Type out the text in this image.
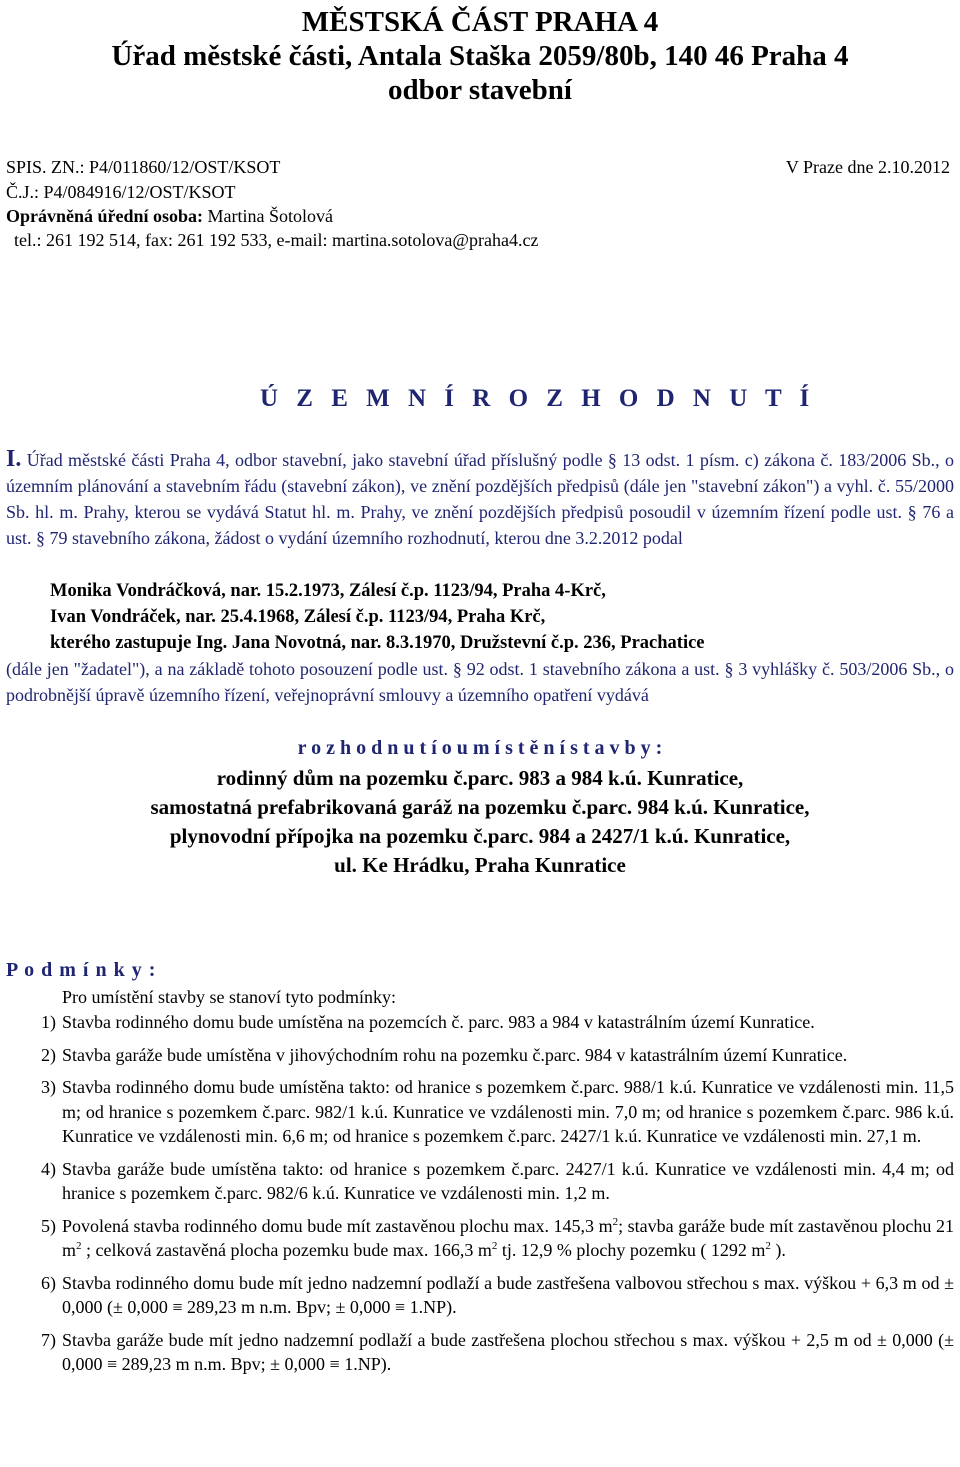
MĚSTSKÁ ČÁST PRAHA 4
Úřad městské části, Antala Staška 2059/80b, 140 46 Praha 4
odbor stavební
SPIS. ZN.: P4/011860/12/OST/KSOT	V Praze dne 2.10.2012
Č.J.: P4/084916/12/OST/KSOT
Oprávněná úřední osoba: Martina Šotolová
tel.: 261 192 514, fax: 261 192 533, e-mail: martina.sotolova@praha4.cz
Ú Z E M N Í R O Z H O D N U T Í
I. Úřad městské části Praha 4, odbor stavební, jako stavební úřad příslušný podle § 13 odst. 1 písm. c) zákona č. 183/2006 Sb., o územním plánování a stavebním řádu (stavební zákon), ve znění pozdějších předpisů (dále jen "stavební zákon") a vyhl. č. 55/2000 Sb. hl. m. Prahy, kterou se vydává Statut hl. m. Prahy, ve znění pozdějších předpisů posoudil v územním řízení podle ust. § 76 a ust. § 79 stavebního zákona, žádost o vydání územního rozhodnutí, kterou dne 3.2.2012 podal
Monika Vondráčková, nar. 15.2.1973, Zálesí č.p. 1123/94, Praha 4-Krč,
Ivan Vondráček, nar. 25.4.1968, Zálesí č.p. 1123/94, Praha Krč,
kterého zastupuje Ing. Jana Novotná, nar. 8.3.1970, Družstevní č.p. 236, Prachatice
(dále jen "žadatel"), a na základě tohoto posouzení podle ust. § 92 odst. 1 stavebního zákona a ust. § 3 vyhlášky č. 503/2006 Sb., o podrobnější úpravě územního řízení, veřejnoprávní smlouvy a územního opatření vydává
r o z h o d n u t í o u m í s t ě n í s t a v b y :
rodinný dům na pozemku č.parc. 983 a 984 k.ú. Kunratice,
samostatná prefabrikovaná garáž na pozemku č.parc. 984 k.ú. Kunratice,
plynovodní přípojka na pozemku č.parc. 984 a 2427/1 k.ú. Kunratice,
ul. Ke Hrádku, Praha Kunratice
P o d m í n k y :
Pro umístění stavby se stanoví tyto podmínky:
1) Stavba rodinného domu bude umístěna na pozemcích č. parc. 983 a 984 v katastrálním území Kunratice.
2) Stavba garáže bude umístěna v jihovýchodním rohu na pozemku č.parc. 984 v katastrálním území Kunratice.
3) Stavba rodinného domu bude umístěna takto: od hranice s pozemkem č.parc. 988/1 k.ú. Kunratice ve vzdálenosti min. 11,5 m; od hranice s pozemkem č.parc. 982/1 k.ú. Kunratice ve vzdálenosti min. 7,0 m; od hranice s pozemkem č.parc. 986 k.ú. Kunratice ve vzdálenosti min. 6,6 m; od hranice s pozemkem č.parc. 2427/1 k.ú. Kunratice ve vzdálenosti min. 27,1 m.
4) Stavba garáže bude umístěna takto: od hranice s pozemkem č.parc. 2427/1 k.ú. Kunratice ve vzdálenosti min. 4,4 m; od hranice s pozemkem č.parc. 982/6 k.ú. Kunratice ve vzdálenosti min. 1,2 m.
5) Povolená stavba rodinného domu bude mít zastavěnou plochu max. 145,3 $m^2$; stavba garáže bude mít zastavěnou plochu 21 $m^2$ ; celková zastavěná plocha pozemku bude max. 166,3 $m^2$ tj. 12,9 % plochy pozemku ( 1292 $m^2$ ).
6) Stavba rodinného domu bude mít jedno nadzemní podlaží a bude zastřešena valbovou střechou s max. výškou + 6,3 m od ± 0,000 (± 0,000 ≡ 289,23 m n.m. Bpv; ± 0,000 ≡ 1.NP).
7) Stavba garáže bude mít jedno nadzemní podlaží a bude zastřešena plochou střechou s max. výškou + 2,5 m od ± 0,000 (± 0,000 ≡ 289,23 m n.m. Bpv; ± 0,000 ≡ 1.NP).
